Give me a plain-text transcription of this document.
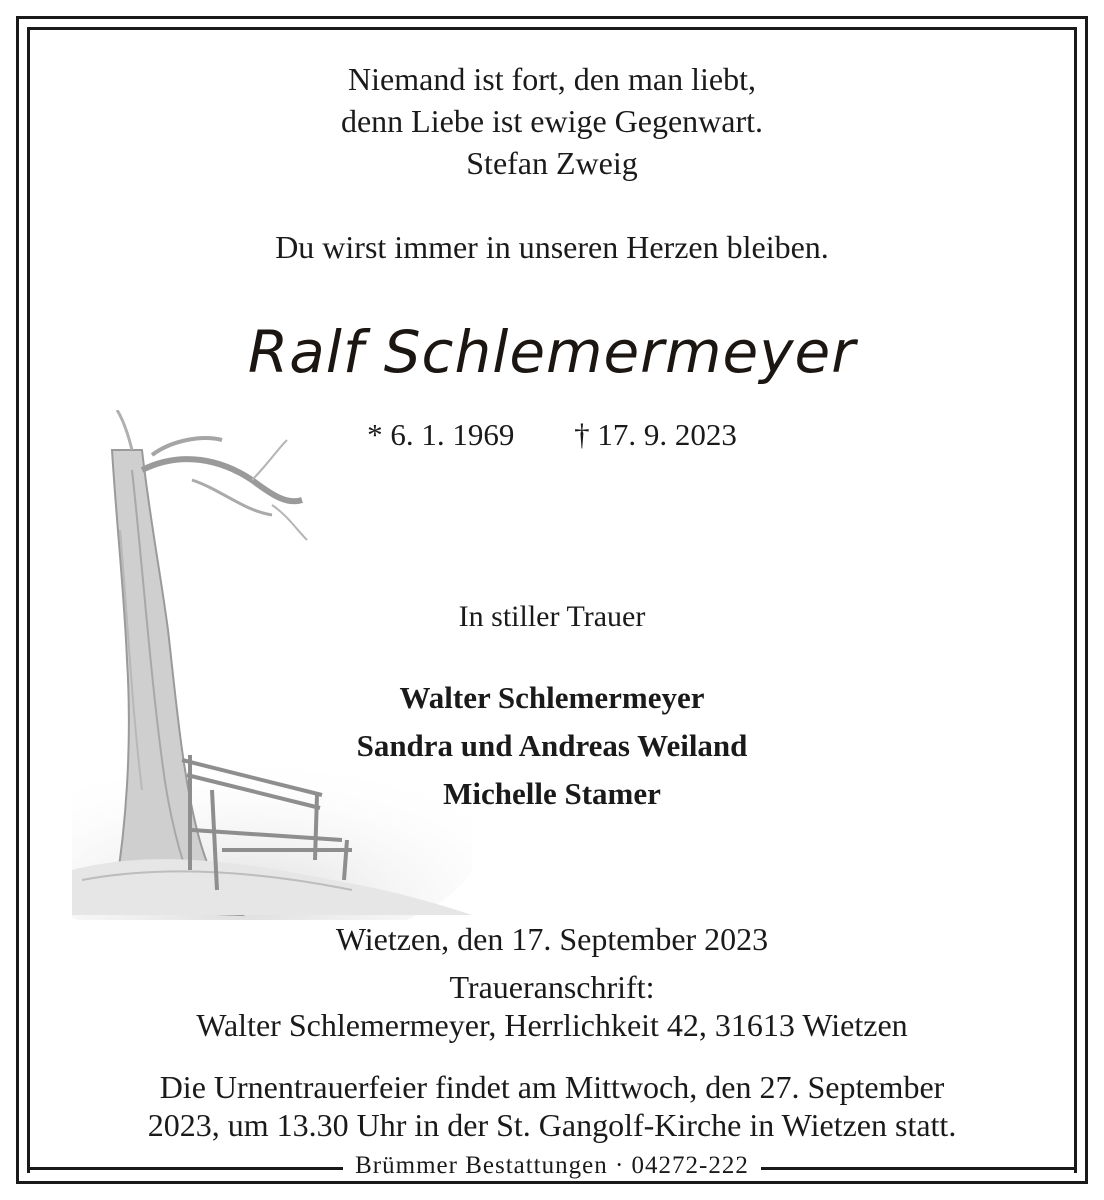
Niemand ist fort, den man liebt,
denn Liebe ist ewige Gegenwart.
Stefan Zweig
Du wirst immer in unseren Herzen bleiben.
Ralf Schlemermeyer
* 6. 1. 1969 † 17. 9. 2023
In stiller Trauer
Walter Schlemermeyer
Sandra und Andreas Weiland
Michelle Stamer
Wietzen, den 17. September 2023
Traueranschrift:
Walter Schlemermeyer, Herrlichkeit 42, 31613 Wietzen
Die Urnentrauerfeier findet am Mittwoch, den 27. September
2023, um 13.30 Uhr in der St. Gangolf-Kirche in Wietzen statt.
Brümmer Bestattungen · 04272-222
